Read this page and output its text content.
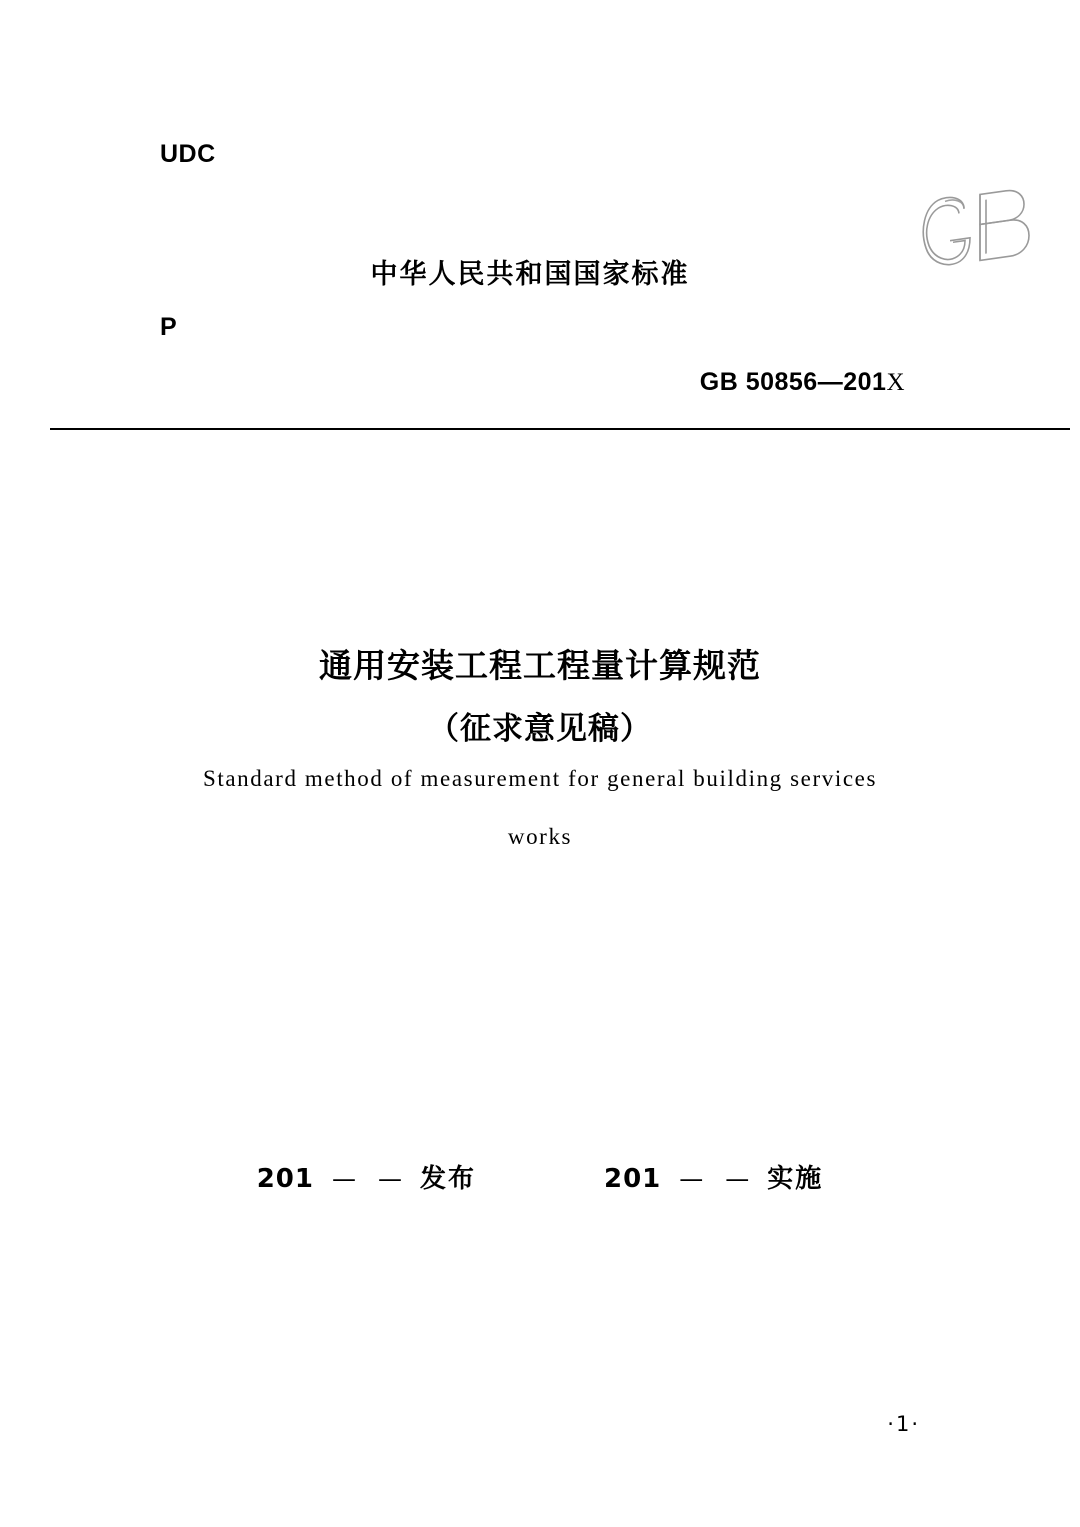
UDC
中华人民共和国国家标准
P
GB 50856—201X
通用安装工程工程量计算规范
（征求意见稿）
Standard method of measurement for general building services
works
201 — — 发布	201 — — 实施
·1·
